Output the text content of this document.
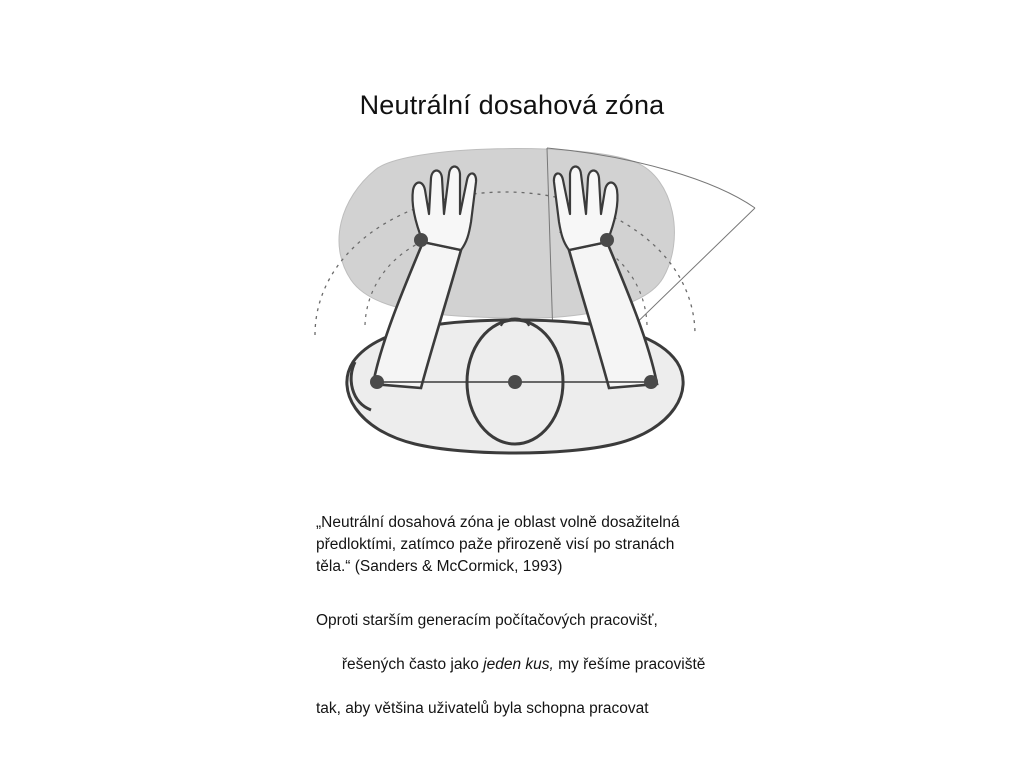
Neutrální dosahová zóna
„Neutrální dosahová zóna je oblast volně dosažitelná
předloktími, zatímco paže přirozeně visí po stranách
těla.“ (Sanders & McCormick, 1993)
Oproti starším generacím počítačových pracovišť,

řešených často jako jeden kus, my řešíme pracoviště

tak, aby většina uživatelů byla schopna pracovat
